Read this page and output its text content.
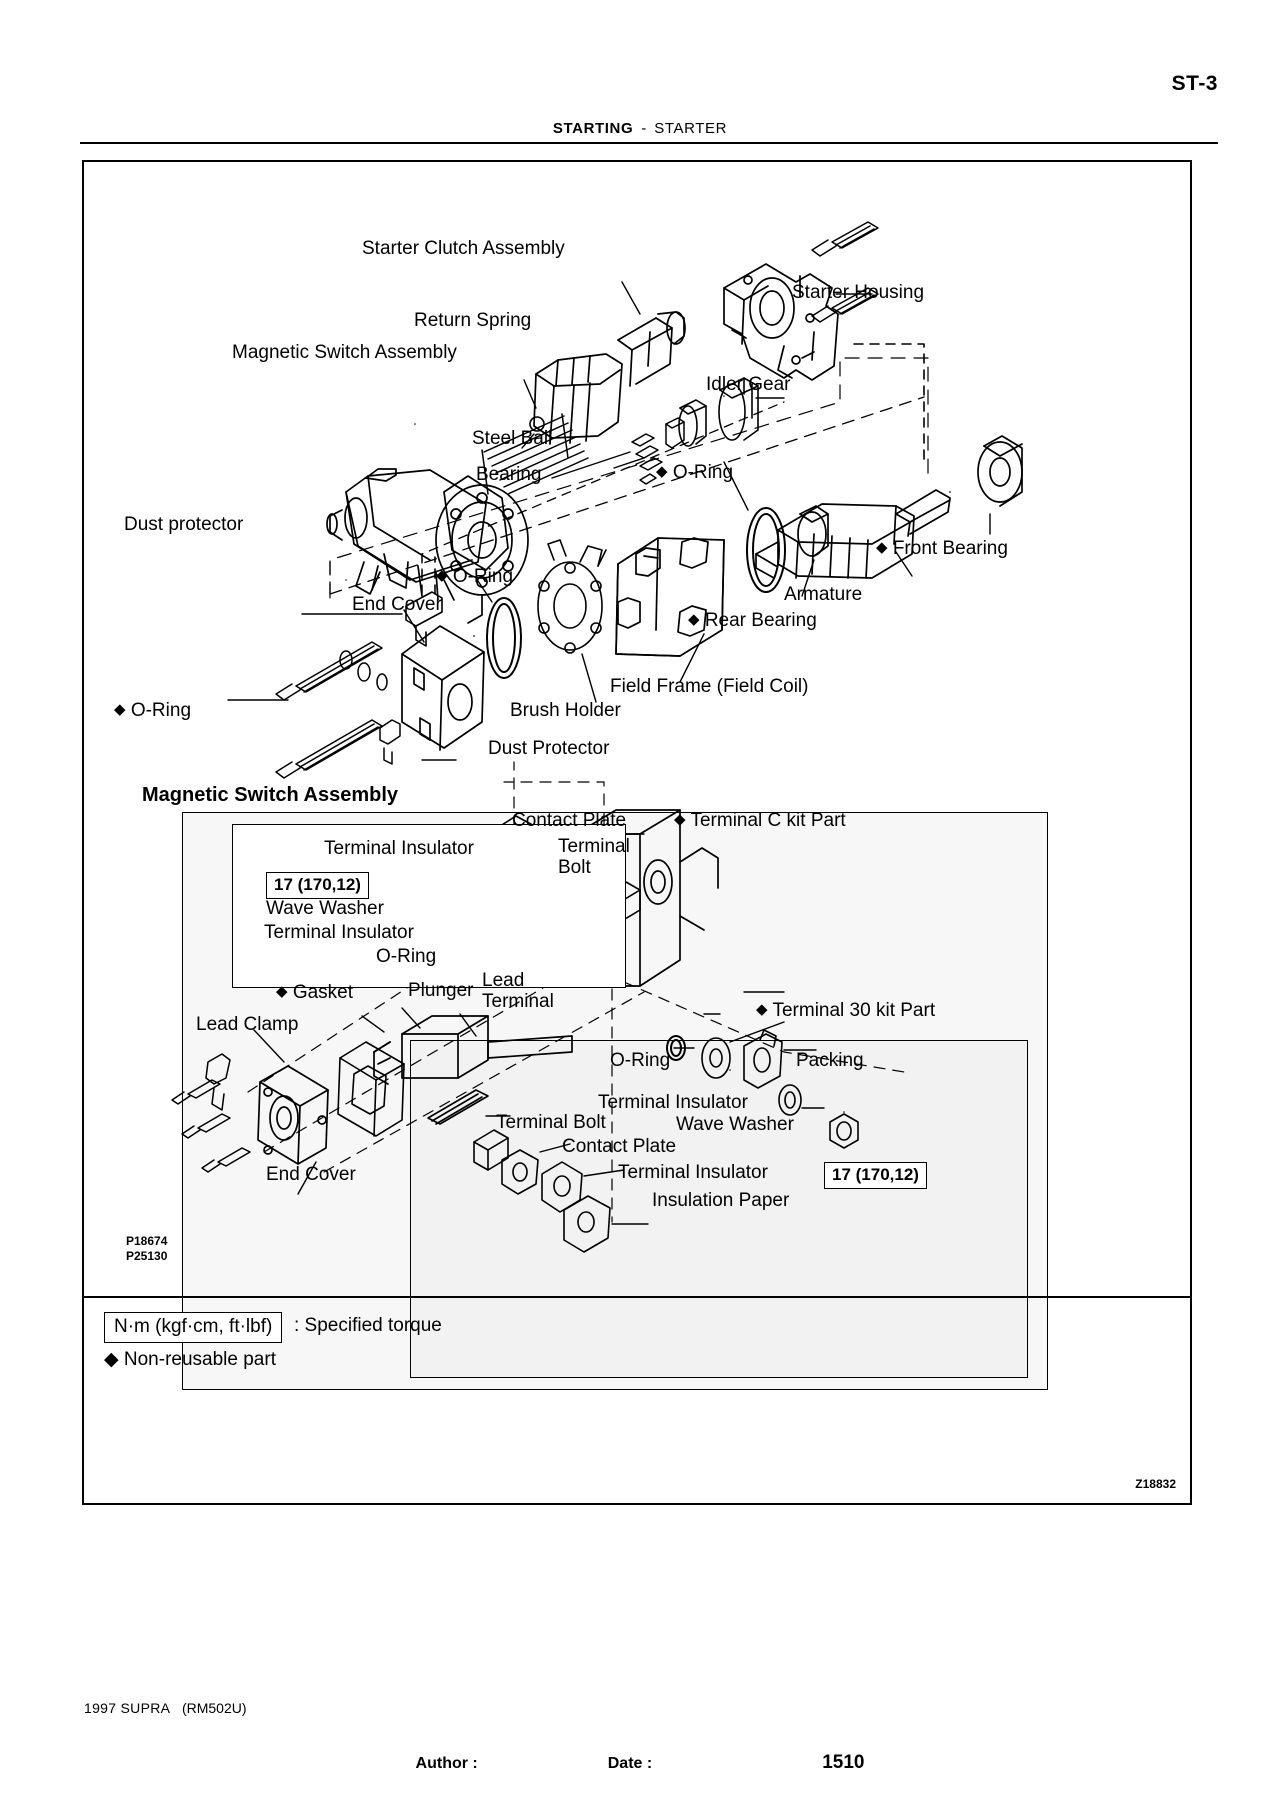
ST-3
STARTING - STARTER
Starter Clutch Assembly
Starter Housing
Return Spring
Magnetic Switch Assembly
Idler Gear
Steel Ball
Bearing	◆ O-Ring
Dust protector
◆ Front Bearing
Armature
◆ O-Ring
End Cover
◆ Rear Bearing
Field Frame (Field Coil)
◆ O-Ring	Brush Holder
Dust Protector
Magnetic Switch Assembly
Contact Plate	◆ Terminal C kit Part
Terminal Insulator	Terminal
Bolt
17 (170,12)
Wave Washer
Terminal Insulator
O-Ring
◆ Gasket	Plunger Lead
Terminal	◆ Terminal 30 kit Part
Lead Clamp
O-Ring	Packing
Terminal Insulator
Wave Washer
Terminal Bolt
Contact Plate
Terminal Insulator	17 (170,12)
Insulation Paper
End Cover
P18674
P25130
N·m (kgf·cm, ft·lbf)	: Specified torque
◆ Non-reusable part
Z18832
1997 SUPRA (RM502U)
Author :	Date :	1510
